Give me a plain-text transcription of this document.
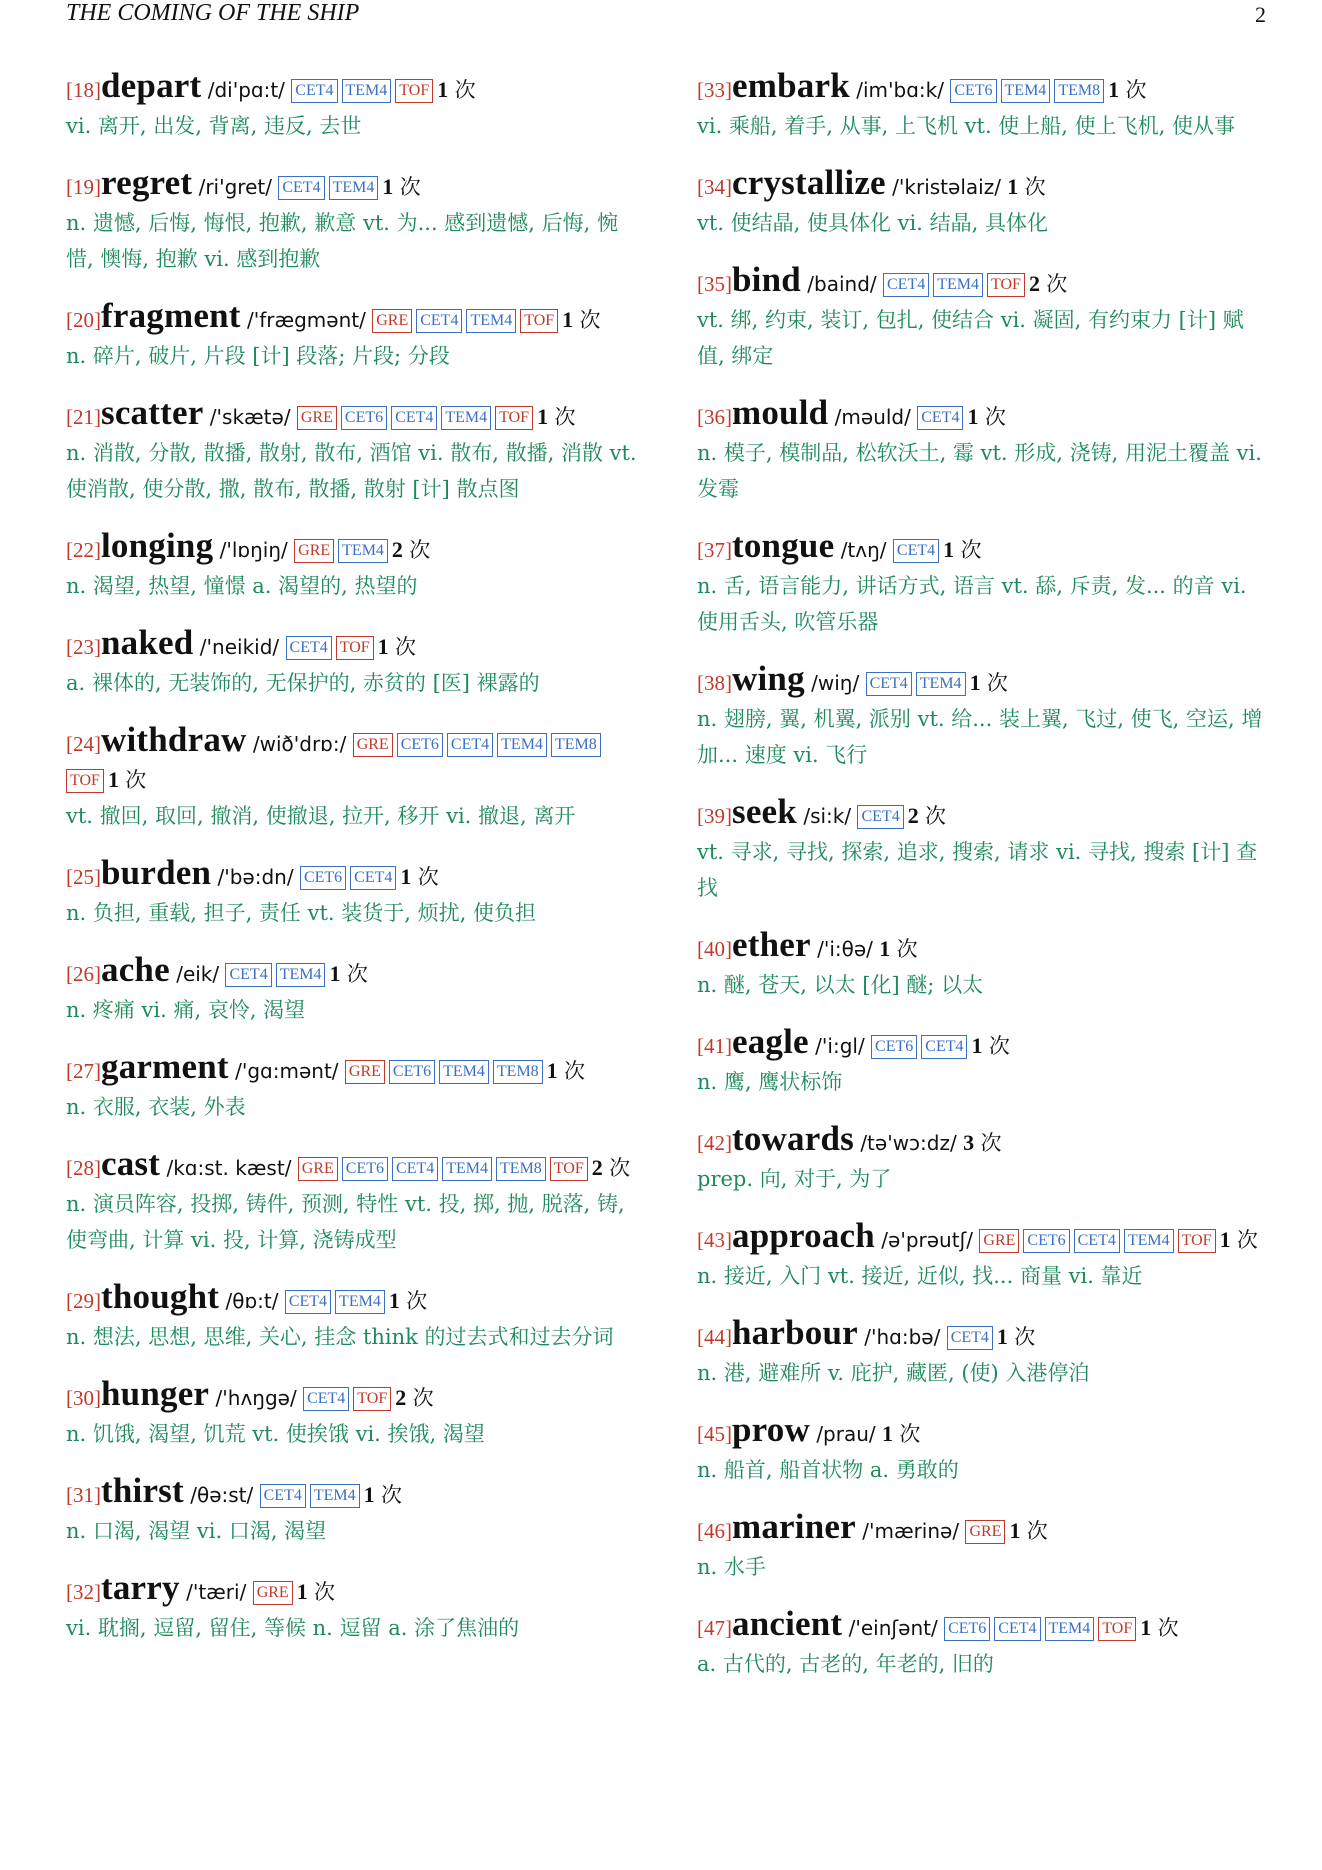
THE COMING OF THE SHIP	2
[18]depart /di'pɑ:t/ CET4 TEM4 TOF 1 次
vi. 离开, 出发, 背离, 违反, 去世
[19]regret /ri'gret/ CET4 TEM4 1 次
n. 遗憾, 后悔, 悔恨, 抱歉, 歉意 vt. 为... 感到遗憾, 后悔, 惋惜, 懊悔, 抱歉 vi. 感到抱歉
[20]fragment /'frægmənt/ GRE CET4 TEM4 TOF 1 次
n. 碎片, 破片, 片段 [计] 段落; 片段; 分段
[21]scatter /'skætə/ GRE CET6 CET4 TEM4 TOF 1 次
n. 消散, 分散, 散播, 散射, 散布, 酒馆 vi. 散布, 散播, 消散 vt. 使消散, 使分散, 撒, 散布, 散播, 散射 [计] 散点图
[22]longing /'lɒŋiŋ/ GRE TEM4 2 次
n. 渴望, 热望, 憧憬 a. 渴望的, 热望的
[23]naked /'neikid/ CET4 TOF 1 次
a. 裸体的, 无装饰的, 无保护的, 赤贫的 [医] 裸露的
[24]withdraw /wið'drɒ:/ GRE CET6 CET4 TEM4 TEM8TOF 1 次
vt. 撤回, 取回, 撤消, 使撤退, 拉开, 移开 vi. 撤退, 离开
[25]burden /'bə:dn/ CET6 CET4 1 次
n. 负担, 重载, 担子, 责任 vt. 装货于, 烦扰, 使负担
[26]ache /eik/ CET4 TEM4 1 次
n. 疼痛 vi. 痛, 哀怜, 渴望
[27]garment /'gɑ:mənt/ GRE CET6 TEM4 TEM8 1 次
n. 衣服, 衣装, 外表
[28]cast /kɑ:st. kæst/ GRE CET6 CET4 TEM4 TEM8 TOF 2 次
n. 演员阵容, 投掷, 铸件, 预测, 特性 vt. 投, 掷, 抛, 脱落, 铸, 使弯曲, 计算 vi. 投, 计算, 浇铸成型
[29]thought /θɒ:t/ CET4 TEM4 1 次
n. 想法, 思想, 思维, 关心, 挂念 think 的过去式和过去分词
[30]hunger /'hʌŋgə/ CET4 TOF 2 次
n. 饥饿, 渴望, 饥荒 vt. 使挨饿 vi. 挨饿, 渴望
[31]thirst /θə:st/ CET4 TEM4 1 次
n. 口渴, 渴望 vi. 口渴, 渴望
[32]tarry /'tæri/ GRE 1 次
vi. 耽搁, 逗留, 留住, 等候 n. 逗留 a. 涂了焦油的
[33]embark /im'bɑ:k/ CET6 TEM4 TEM8 1 次
vi. 乘船, 着手, 从事, 上飞机 vt. 使上船, 使上飞机, 使从事
[34]crystallize /'kristəlaiz/ 1 次
vt. 使结晶, 使具体化 vi. 结晶, 具体化
[35]bind /baind/ CET4 TEM4 TOF 2 次
vt. 绑, 约束, 装订, 包扎, 使结合 vi. 凝固, 有约束力 [计] 赋值, 绑定
[36]mould /məuld/ CET4 1 次
n. 模子, 模制品, 松软沃土, 霉 vt. 形成, 浇铸, 用泥土覆盖 vi. 发霉
[37]tongue /tʌŋ/ CET4 1 次
n. 舌, 语言能力, 讲话方式, 语言 vt. 舔, 斥责, 发... 的音 vi. 使用舌头, 吹管乐器
[38]wing /wiŋ/ CET4 TEM4 1 次
n. 翅膀, 翼, 机翼, 派别 vt. 给... 装上翼, 飞过, 使飞, 空运, 增加... 速度 vi. 飞行
[39]seek /si:k/ CET4 2 次
vt. 寻求, 寻找, 探索, 追求, 搜索, 请求 vi. 寻找, 搜索 [计] 查找
[40]ether /'i:θə/ 1 次
n. 醚, 苍天, 以太 [化] 醚; 以太
[41]eagle /'i:gl/ CET6 CET4 1 次
n. 鹰, 鹰状标饰
[42]towards /tə'wɔ:dz/ 3 次
prep. 向, 对于, 为了
[43]approach /ə'prəutʃ/ GRE CET6 CET4 TEM4 TOF 1 次
n. 接近, 入门 vt. 接近, 近似, 找... 商量 vi. 靠近
[44]harbour /'hɑ:bə/ CET4 1 次
n. 港, 避难所 v. 庇护, 藏匿, (使) 入港停泊
[45]prow /prau/ 1 次
n. 船首, 船首状物 a. 勇敢的
[46]mariner /'mærinə/ GRE 1 次
n. 水手
[47]ancient /'einʃənt/ CET6 CET4 TEM4 TOF 1 次
a. 古代的, 古老的, 年老的, 旧的
